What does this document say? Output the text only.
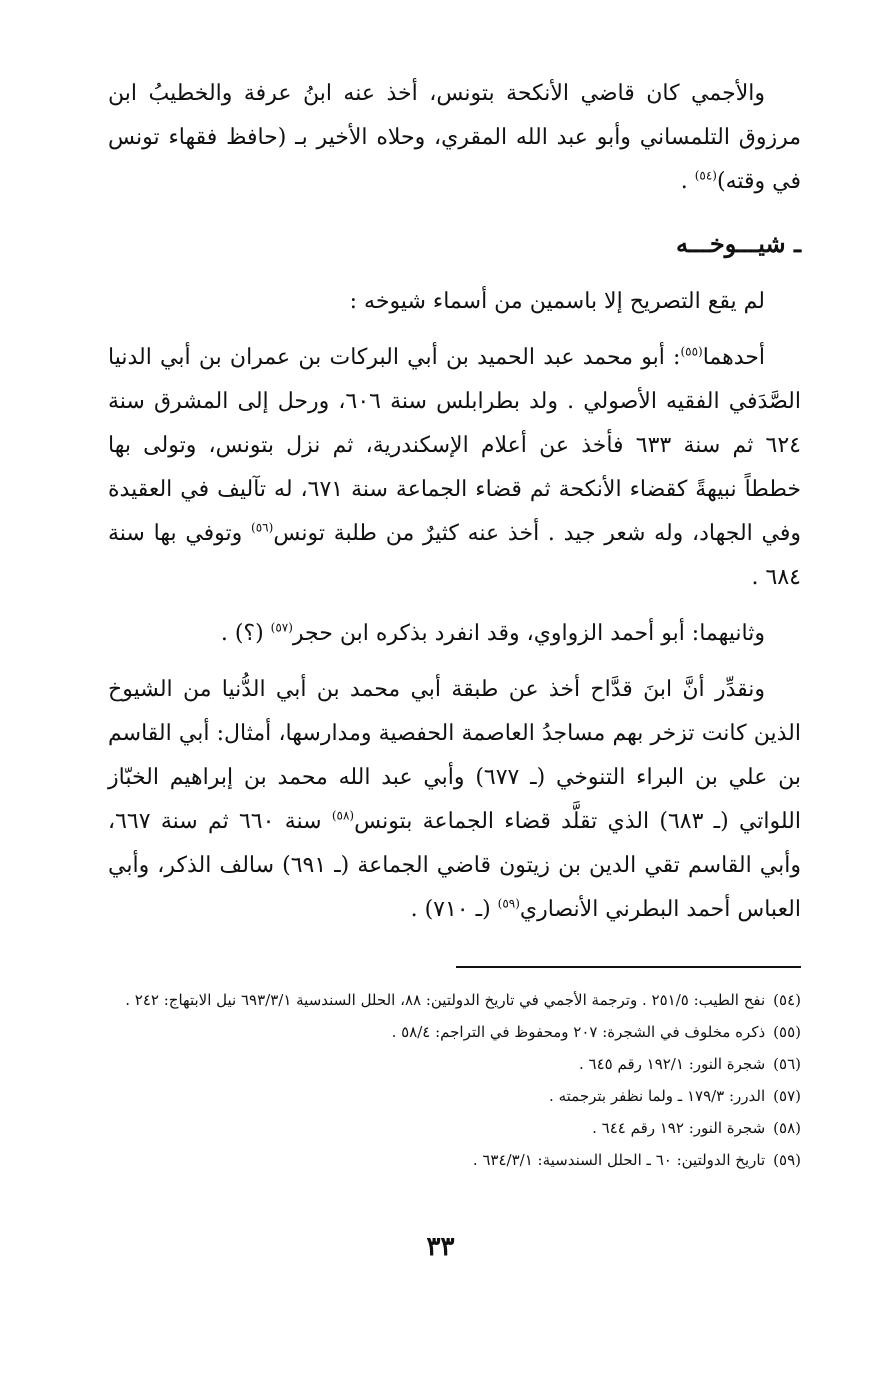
والأجمي كان قاضي الأنكحة بتونس، أخذ عنه ابنُ عرفة والخطيبُ ابن مرزوق التلمساني وأبو عبد الله المقري، وحلاه الأخير بـ (حافظ فقهاء تونس في وقته)$^{(٥٤)}$ .

ـ شيـــوخـــه

لم يقع التصريح إلا باسمين من أسماء شيوخه :

أحدهما$^{(٥٥)}$: أبو محمد عبد الحميد بن أبي البركات بن عمران بن أبي الدنيا الصَّدَفي الفقيه الأصولي . ولد بطرابلس سنة ٦٠٦، ورحل إلى المشرق سنة ٦٢٤ ثم سنة ٦٣٣ فأخذ عن أعلام الإسكندرية، ثم نزل بتونس، وتولى بها خططاً نبيهةً كقضاء الأنكحة ثم قضاء الجماعة سنة ٦٧١، له تآليف في العقيدة وفي الجهاد، وله شعر جيد . أخذ عنه كثيرٌ من طلبة تونس$^{(٥٦)}$ وتوفي بها سنة ٦٨٤ .

وثانيهما: أبو أحمد الزواوي، وقد انفرد بذكره ابن حجر$^{(٥٧)}$ (؟) .

ونقدِّر أنَّ ابنَ قدَّاح أخذ عن طبقة أبي محمد بن أبي الدُّنيا من الشيوخ الذين كانت تزخر بهم مساجدُ العاصمة الحفصية ومدارسها، أمثال: أبي القاسم بن علي بن البراء التنوخي (ـ ٦٧٧) وأبي عبد الله محمد بن إبراهيم الخبّاز اللواتي (ـ ٦٨٣) الذي تقلَّد قضاء الجماعة بتونس$^{(٥٨)}$ سنة ٦٦٠ ثم سنة ٦٦٧، وأبي القاسم تقي الدين بن زيتون قاضي الجماعة (ـ ٦٩١) سالف الذكر، وأبي العباس أحمد البطرني الأنصاري$^{(٥٩)}$ (ـ ٧١٠) .

(٥٤)نفح الطيب: ٢٥١/٥ . وترجمة الأجمي في تاريخ الدولتين: ٨٨، الحلل السندسية ٦٩٣/٣/١ نيل الابتهاج: ٢٤٢ .
(٥٥)ذكره مخلوف في الشجرة: ٢٠٧ ومحفوظ في التراجم: ٥٨/٤ .
(٥٦)شجرة النور: ١٩٢/١ رقم ٦٤٥ .
(٥٧)الدرر: ١٧٩/٣ ـ ولما نظفر بترجمته .
(٥٨)شجرة النور: ١٩٢ رقم ٦٤٤ .
(٥٩)تاريخ الدولتين: ٦٠ ـ الحلل السندسية: ٦٣٤/٣/١ .
٣٣
